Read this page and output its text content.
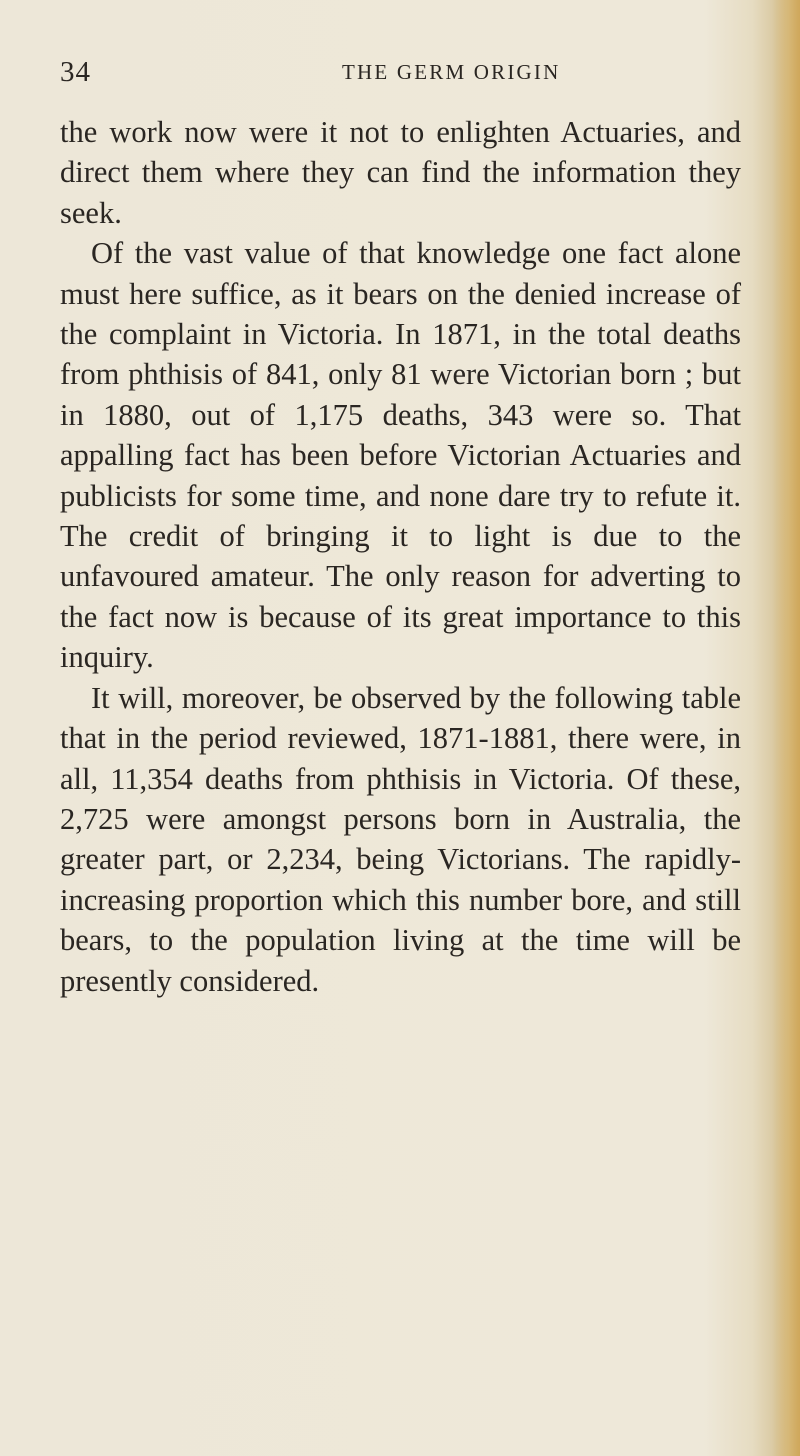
34	THE GERM ORIGIN

the work now were it not to enlighten Actuaries, and direct them where they can find the information they seek.

Of the vast value of that knowledge one fact alone must here suffice, as it bears on the denied increase of the complaint in Victoria. In 1871, in the total deaths from phthisis of 841, only 81 were Victorian born ; but in 1880, out of 1,175 deaths, 343 were so. That appalling fact has been before Victorian Actuaries and publicists for some time, and none dare try to refute it. The credit of bringing it to light is due to the unfavoured amateur. The only reason for adverting to the fact now is because of its great importance to this inquiry.

It will, moreover, be observed by the following table that in the period reviewed, 1871-1881, there were, in all, 11,354 deaths from phthisis in Victoria. Of these, 2,725 were amongst persons born in Australia, the greater part, or 2,234, being Victorians. The rapidly-increasing proportion which this number bore, and still bears, to the population living at the time will be presently considered.
